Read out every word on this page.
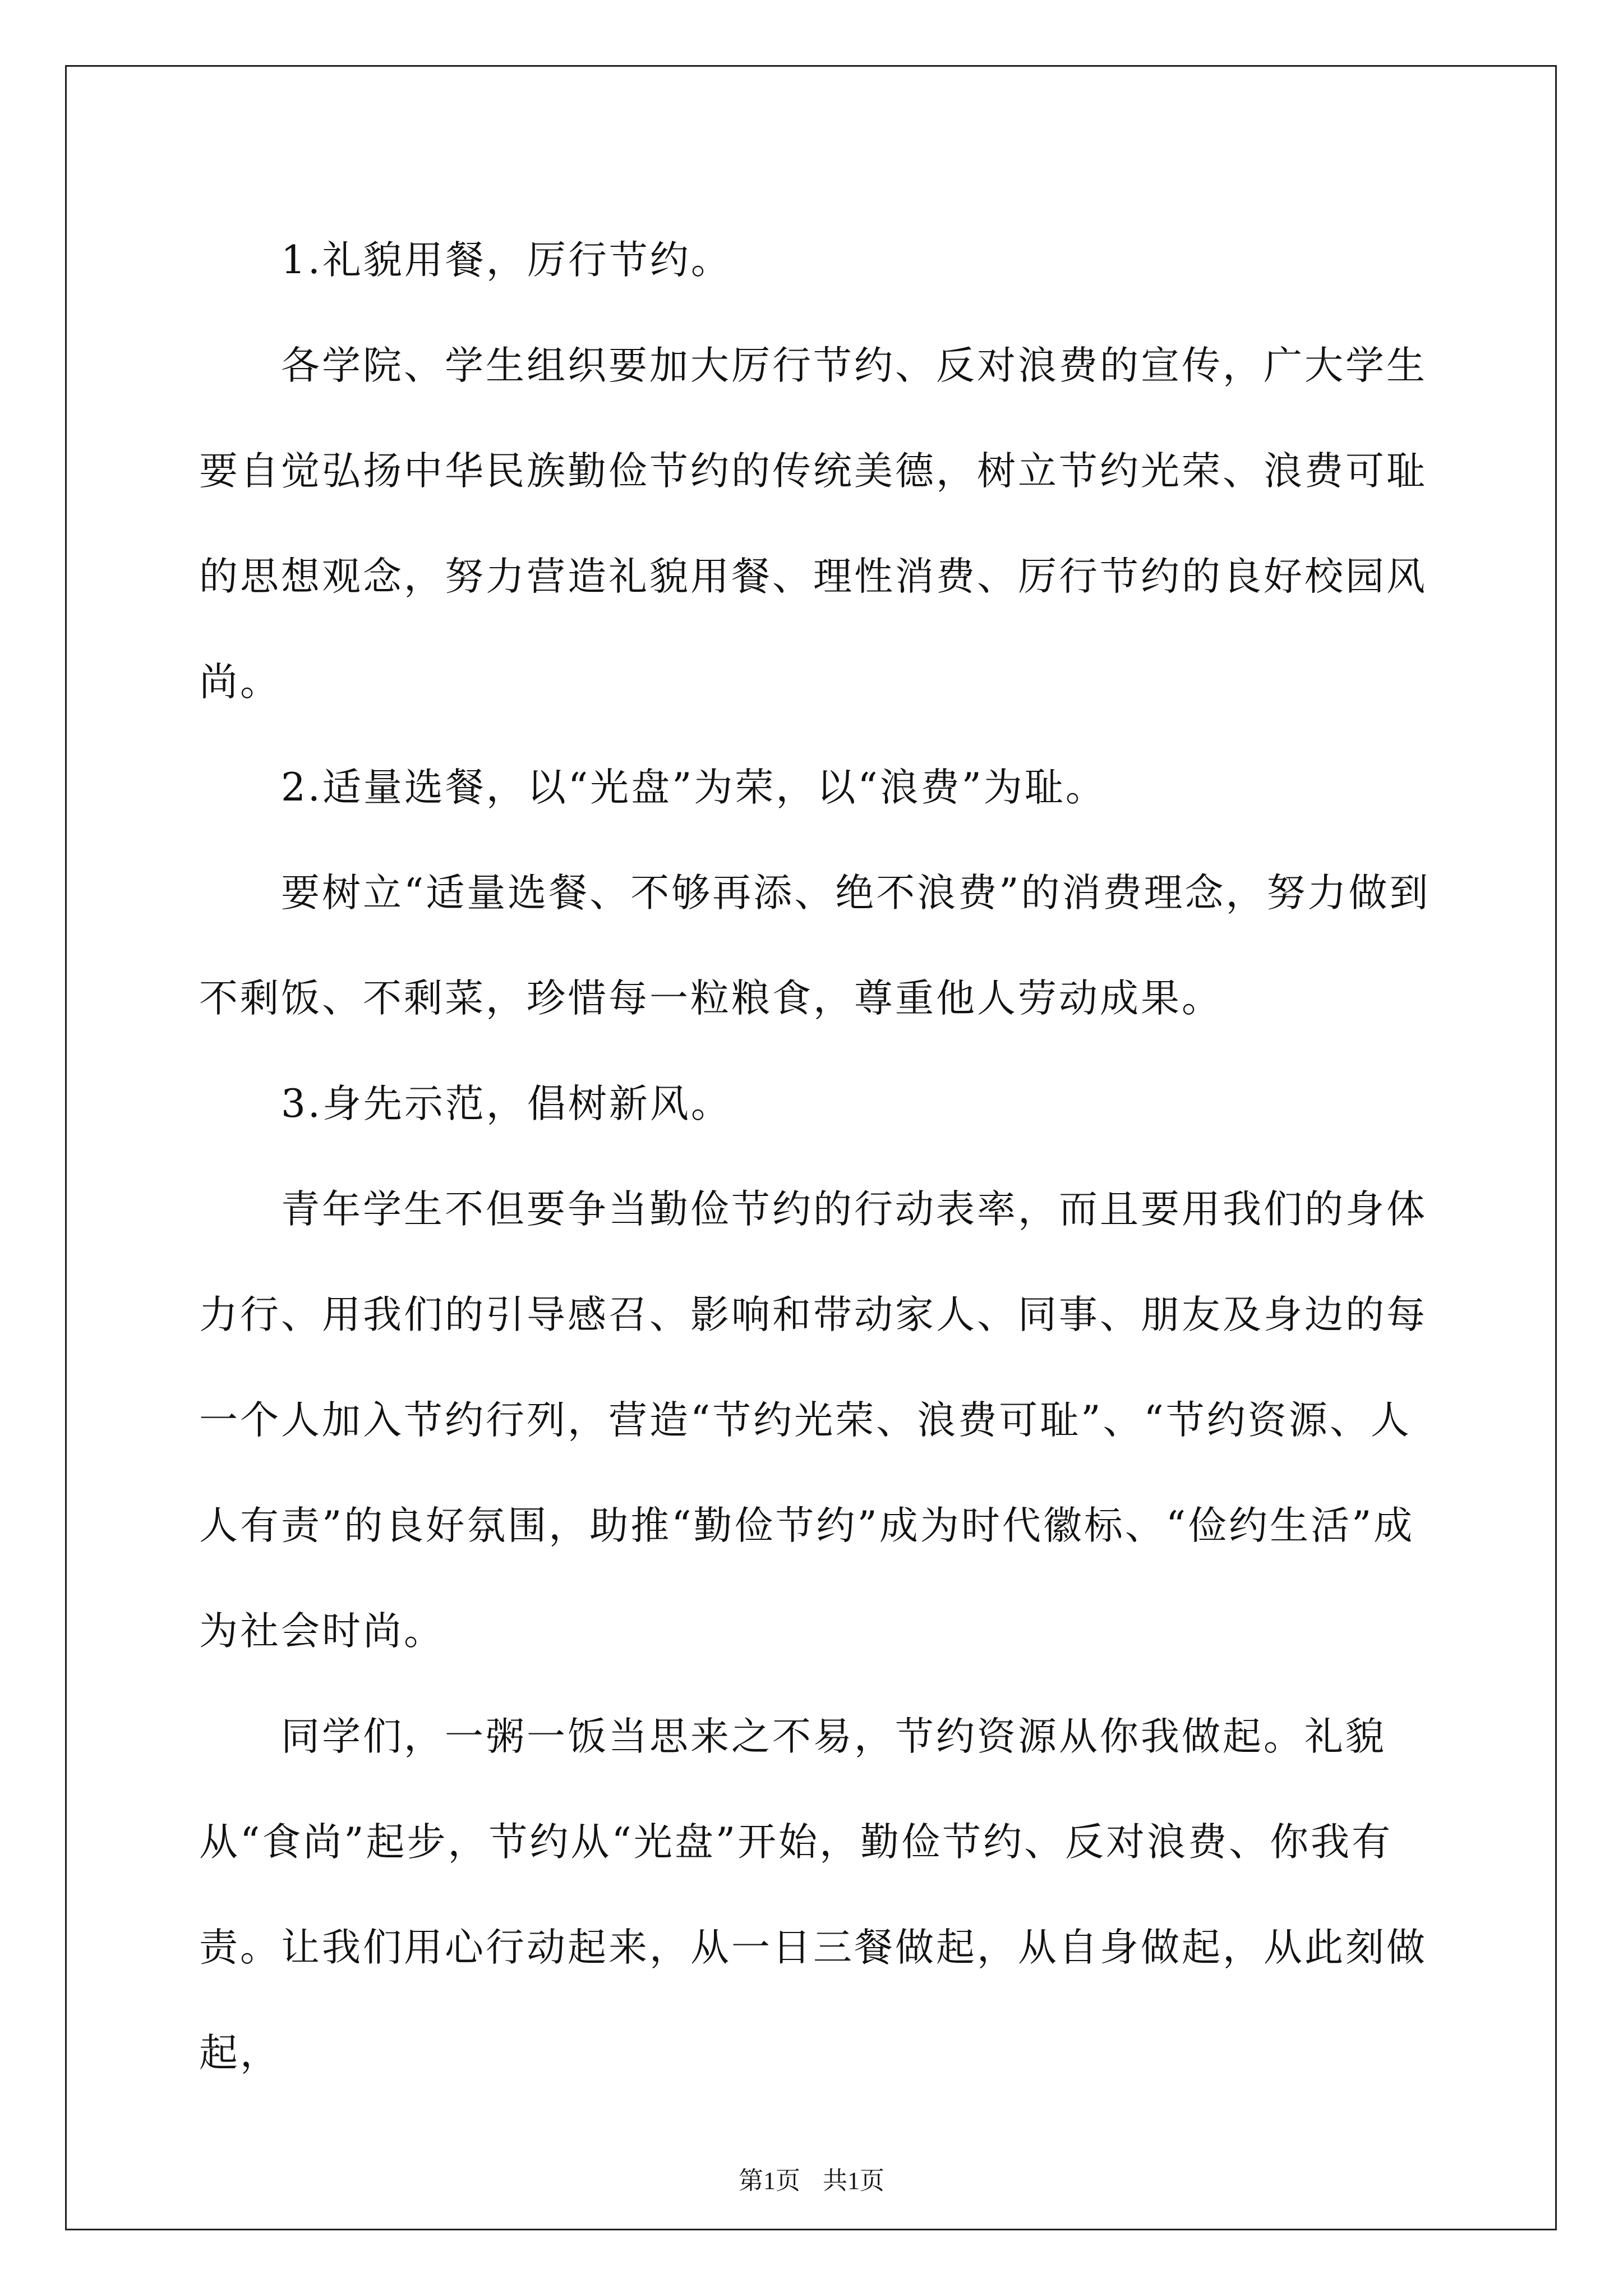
1.礼貌用餐，厉行节约。

各学院、学生组织要加大厉行节约、反对浪费的宣传，广大学生要自觉弘扬中华民族勤俭节约的传统美德，树立节约光荣、浪费可耻的思想观念，努力营造礼貌用餐、理性消费、厉行节约的良好校园风尚。

2.适量选餐，以“光盘”为荣，以“浪费”为耻。

要树立“适量选餐、不够再添、绝不浪费”的消费理念，努力做到不剩饭、不剩菜，珍惜每一粒粮食，尊重他人劳动成果。

3.身先示范，倡树新风。

青年学生不但要争当勤俭节约的行动表率，而且要用我们的身体力行、用我们的引导感召、影响和带动家人、同事、朋友及身边的每一个人加入节约行列，营造“节约光荣、浪费可耻”、“节约资源、人人有责”的良好氛围，助推“勤俭节约”成为时代徽标、“俭约生活”成为社会时尚。

同学们，一粥一饭当思来之不易，节约资源从你我做起。礼貌从“食尚”起步，节约从“光盘”开始，勤俭节约、反对浪费、你我有责。让我们用心行动起来，从一日三餐做起，从自身做起，从此刻做起，

第1页 共1页
